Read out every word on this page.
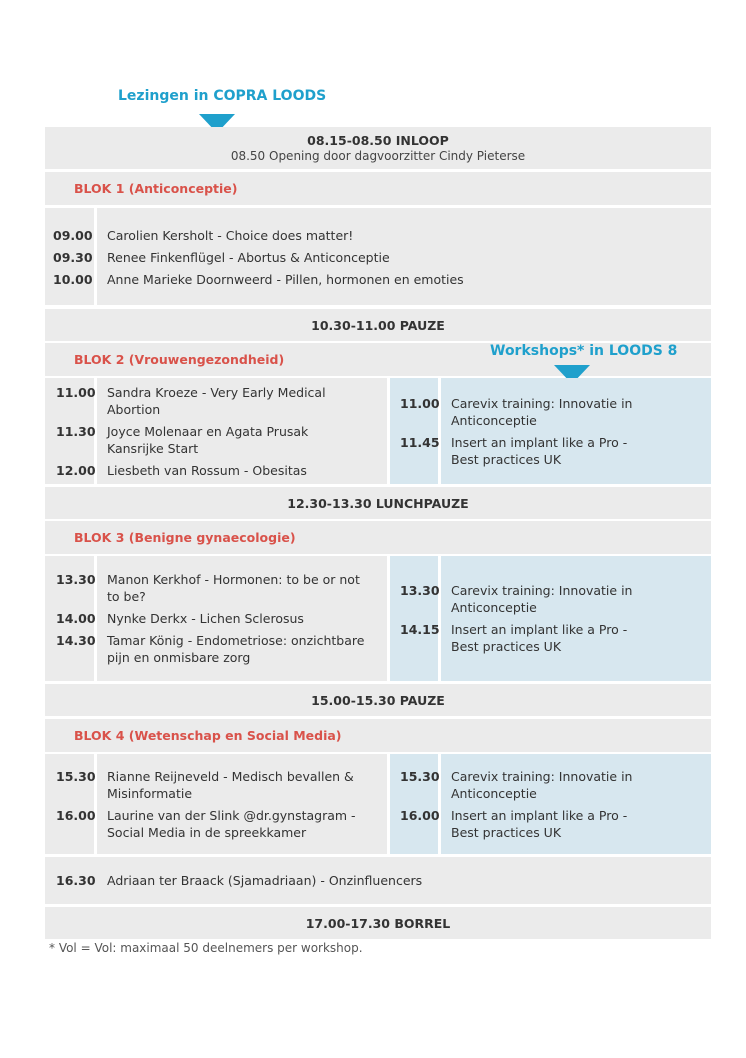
Lezingen in COPRA LOODS
08.15-08.50 INLOOP
08.50 Opening door dagvoorzitter Cindy Pieterse
BLOK 1 (Anticonceptie)
09.00 Carolien Kersholt - Choice does matter!
09.30 Renee Finkenflügel - Abortus & Anticonceptie
10.00 Anne Marieke Doornweerd - Pillen, hormonen en emoties
10.30-11.00 PAUZE
BLOK 2 (Vrouwengezondheid)
Workshops* in LOODS 8
11.00 Sandra Kroeze - Very Early Medical Abortion
11.30 Joyce Molenaar en Agata Prusak Kansrijke Start
12.00 Liesbeth van Rossum - Obesitas
11.00 Carevix training: Innovatie in Anticonceptie
11.45 Insert an implant like a Pro - Best practices UK
12.30-13.30 LUNCHPAUZE
BLOK 3 (Benigne gynaecologie)
13.30 Manon Kerkhof - Hormonen: to be or not to be?
14.00 Nynke Derkx - Lichen Sclerosus
14.30 Tamar König - Endometriose: onzichtbare pijn en onmisbare zorg
13.30 Carevix training: Innovatie in Anticonceptie
14.15 Insert an implant like a Pro - Best practices UK
15.00-15.30 PAUZE
BLOK 4 (Wetenschap en Social Media)
15.30 Rianne Reijneveld - Medisch bevallen & Misinformatie
16.00 Laurine van der Slink @dr.gynstagram - Social Media in de spreekkamer
15.30 Carevix training: Innovatie in Anticonceptie
16.00 Insert an implant like a Pro - Best practices UK
16.30 Adriaan ter Braack (Sjamadriaan) - Onzinfluencers
17.00-17.30 BORREL
* Vol = Vol: maximaal 50 deelnemers per workshop.
